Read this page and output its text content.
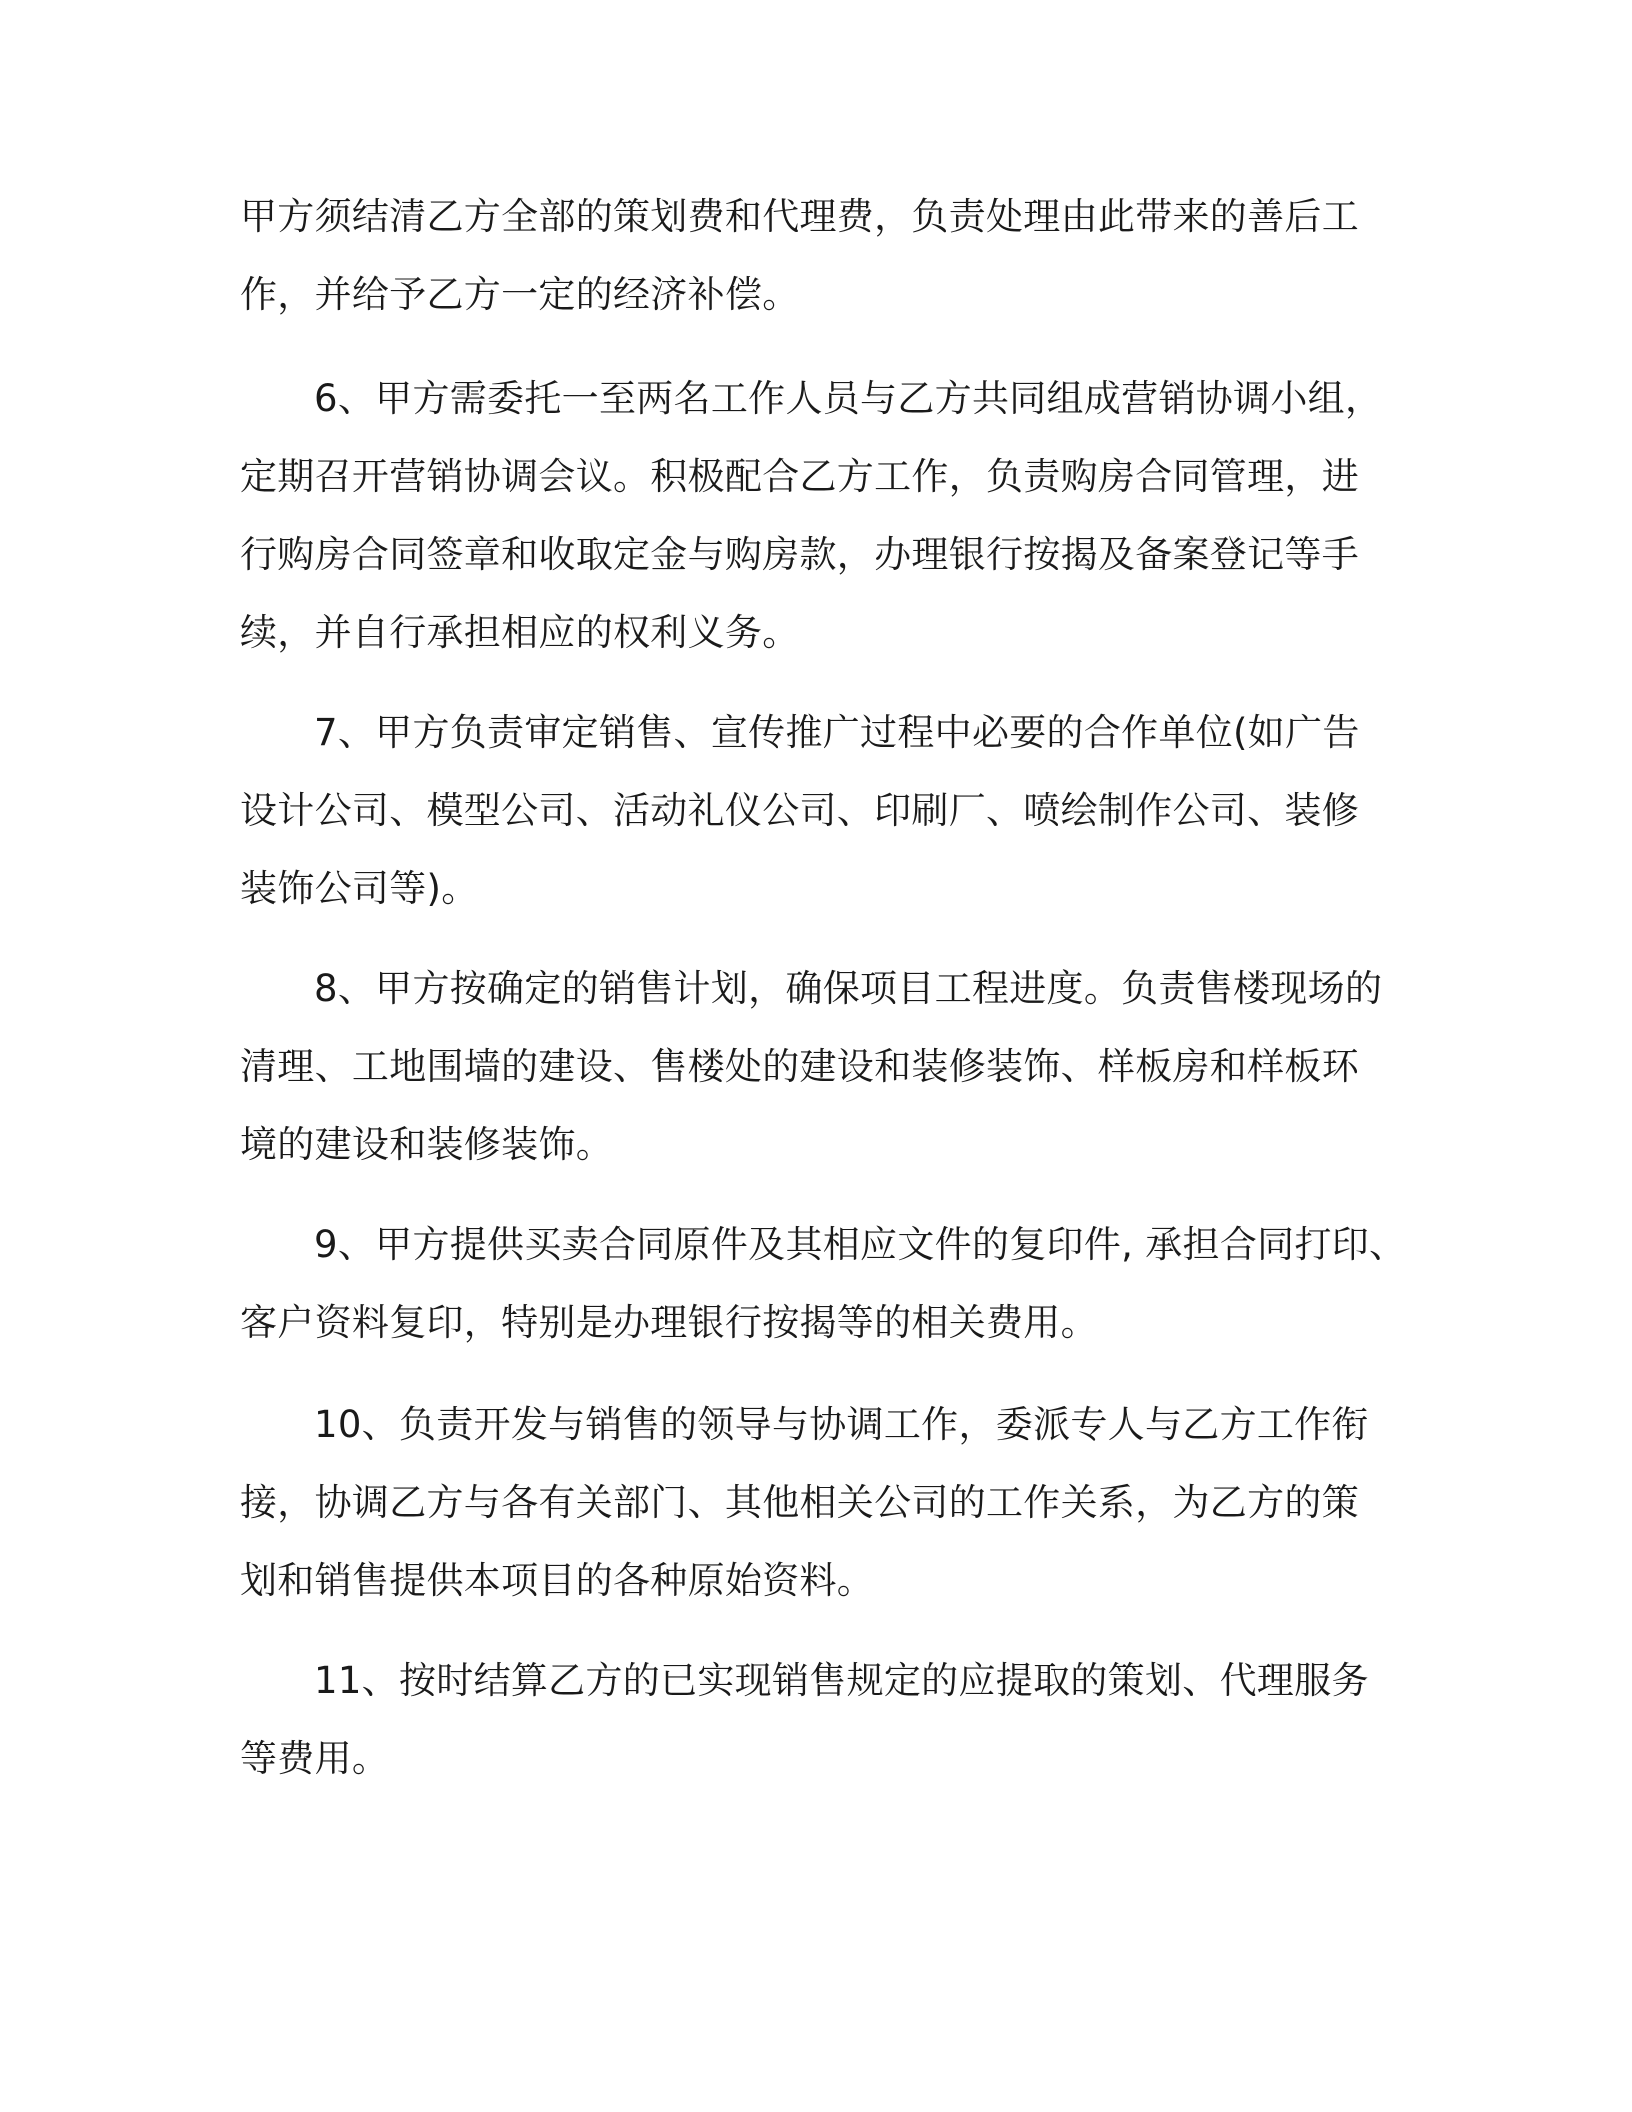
甲方须结清乙方全部的策划费和代理费，负责处理由此带来的善后工
作，并给予乙方一定的经济补偿。
6、甲方需委托一至两名工作人员与乙方共同组成营销协调小组，
定期召开营销协调会议。积极配合乙方工作，负责购房合同管理，进
行购房合同签章和收取定金与购房款，办理银行按揭及备案登记等手
续，并自行承担相应的权利义务。
7、甲方负责审定销售、宣传推广过程中必要的合作单位(如广告
设计公司、模型公司、活动礼仪公司、印刷厂、喷绘制作公司、装修
装饰公司等)。
8、甲方按确定的销售计划，确保项目工程进度。负责售楼现场的
清理、工地围墙的建设、售楼处的建设和装修装饰、样板房和样板环
境的建设和装修装饰。
9、甲方提供买卖合同原件及其相应文件的复印件, 承担合同打印、
客户资料复印，特别是办理银行按揭等的相关费用。
10、负责开发与销售的领导与协调工作，委派专人与乙方工作衔
接，协调乙方与各有关部门、其他相关公司的工作关系，为乙方的策
划和销售提供本项目的各种原始资料。
11、按时结算乙方的已实现销售规定的应提取的策划、代理服务
等费用。
